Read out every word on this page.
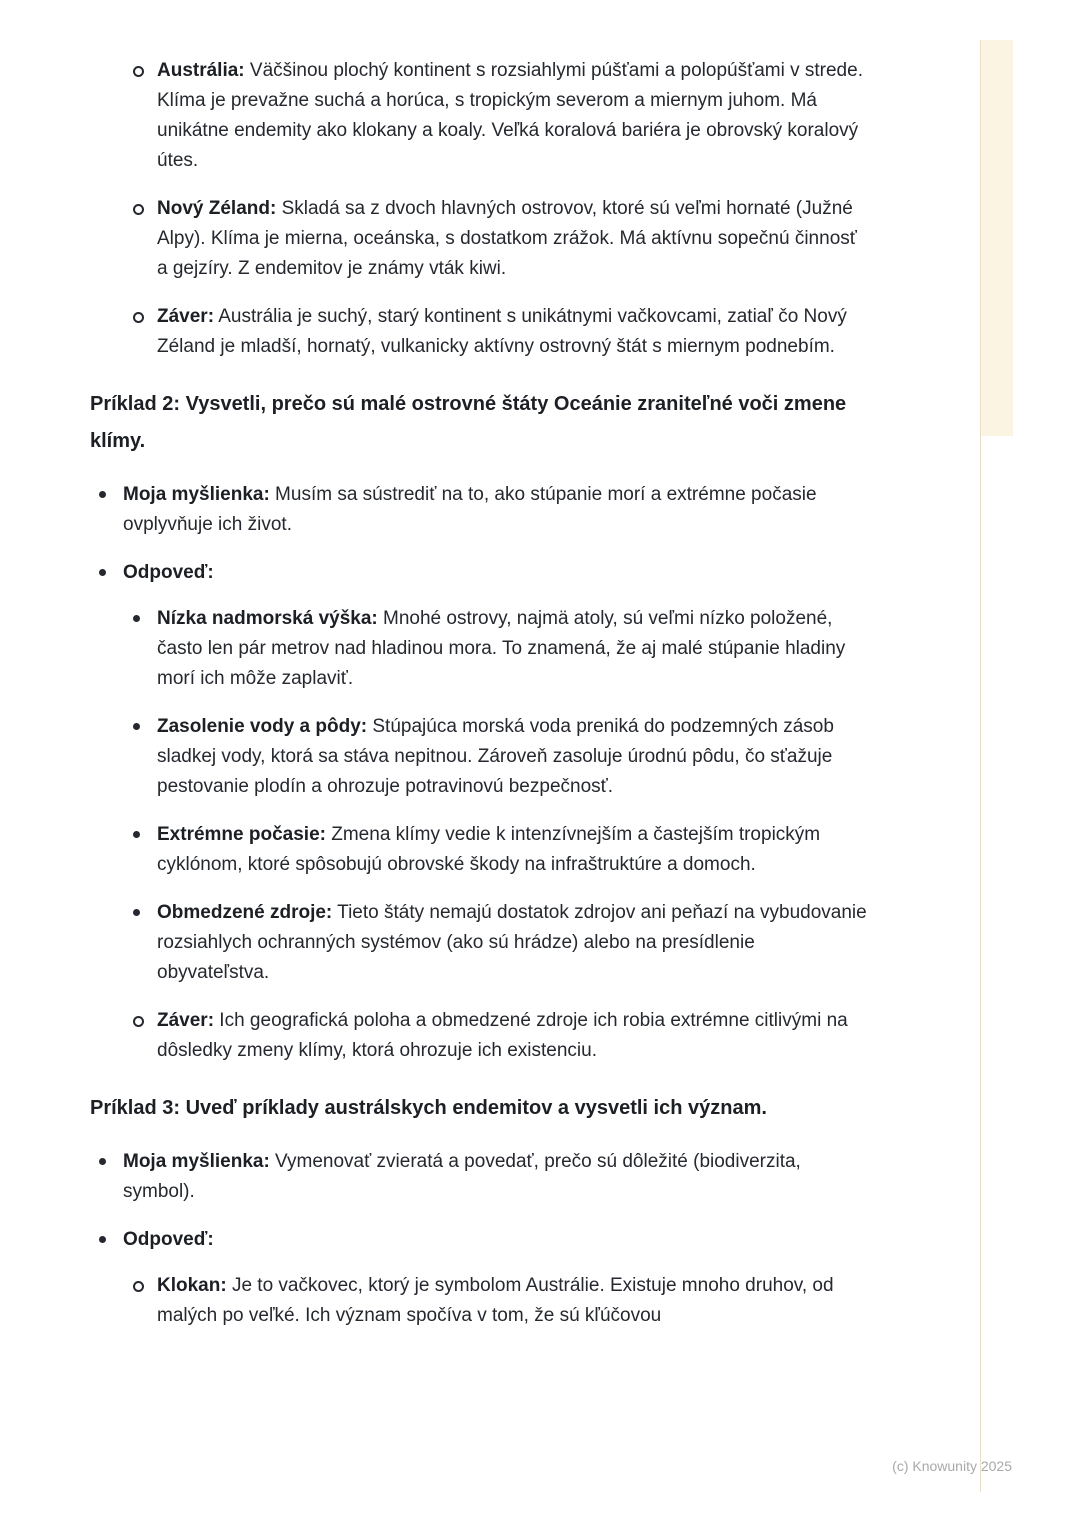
Austrália: Väčšinou plochý kontinent s rozsiahlymi púšťami a polopúšťami v strede. Klíma je prevažne suchá a horúca, s tropickým severom a miernym juhom. Má unikátne endemity ako klokany a koaly. Veľká koralová bariéra je obrovský koralový útes.
Nový Zéland: Skladá sa z dvoch hlavných ostrovov, ktoré sú veľmi hornaté (Južné Alpy). Klíma je mierna, oceánska, s dostatkom zrážok. Má aktívnu sopečnú činnosť a gejzíry. Z endemitov je známy vták kiwi.
Záver: Austrália je suchý, starý kontinent s unikátnymi vačkovcami, zatiaľ čo Nový Zéland je mladší, hornatý, vulkanicky aktívny ostrovný štát s miernym podnebím.
Príklad 2: Vysvetli, prečo sú malé ostrovné štáty Oceánie zraniteľné voči zmene klímy.
Moja myšlienka: Musím sa sústrediť na to, ako stúpanie morí a extrémne počasie ovplyvňuje ich život.
Odpoveď:
Nízka nadmorská výška: Mnohé ostrovy, najmä atoly, sú veľmi nízko položené, často len pár metrov nad hladinou mora. To znamená, že aj malé stúpanie hladiny morí ich môže zaplaviť.
Zasolenie vody a pôdy: Stúpajúca morská voda preniká do podzemných zásob sladkej vody, ktorá sa stáva nepitnou. Zároveň zasoluje úrodnú pôdu, čo sťažuje pestovanie plodín a ohrozuje potravinovú bezpečnosť.
Extrémne počasie: Zmena klímy vedie k intenzívnejším a častejším tropickým cyklónom, ktoré spôsobujú obrovské škody na infraštruktúre a domoch.
Obmedzené zdroje: Tieto štáty nemajú dostatok zdrojov ani peňazí na vybudovanie rozsiahlych ochranných systémov (ako sú hrádze) alebo na presídlenie obyvateľstva.
Záver: Ich geografická poloha a obmedzené zdroje ich robia extrémne citlivými na dôsledky zmeny klímy, ktorá ohrozuje ich existenciu.
Príklad 3: Uveď príklady austrálskych endemitov a vysvetli ich význam.
Moja myšlienka: Vymenovať zvieratá a povedať, prečo sú dôležité (biodiverzita, symbol).
Odpoveď:
Klokan: Je to vačkovec, ktorý je symbolom Austrálie. Existuje mnoho druhov, od malých po veľké. Ich význam spočíva v tom, že sú kľúčovou
(c) Knowunity 2025
